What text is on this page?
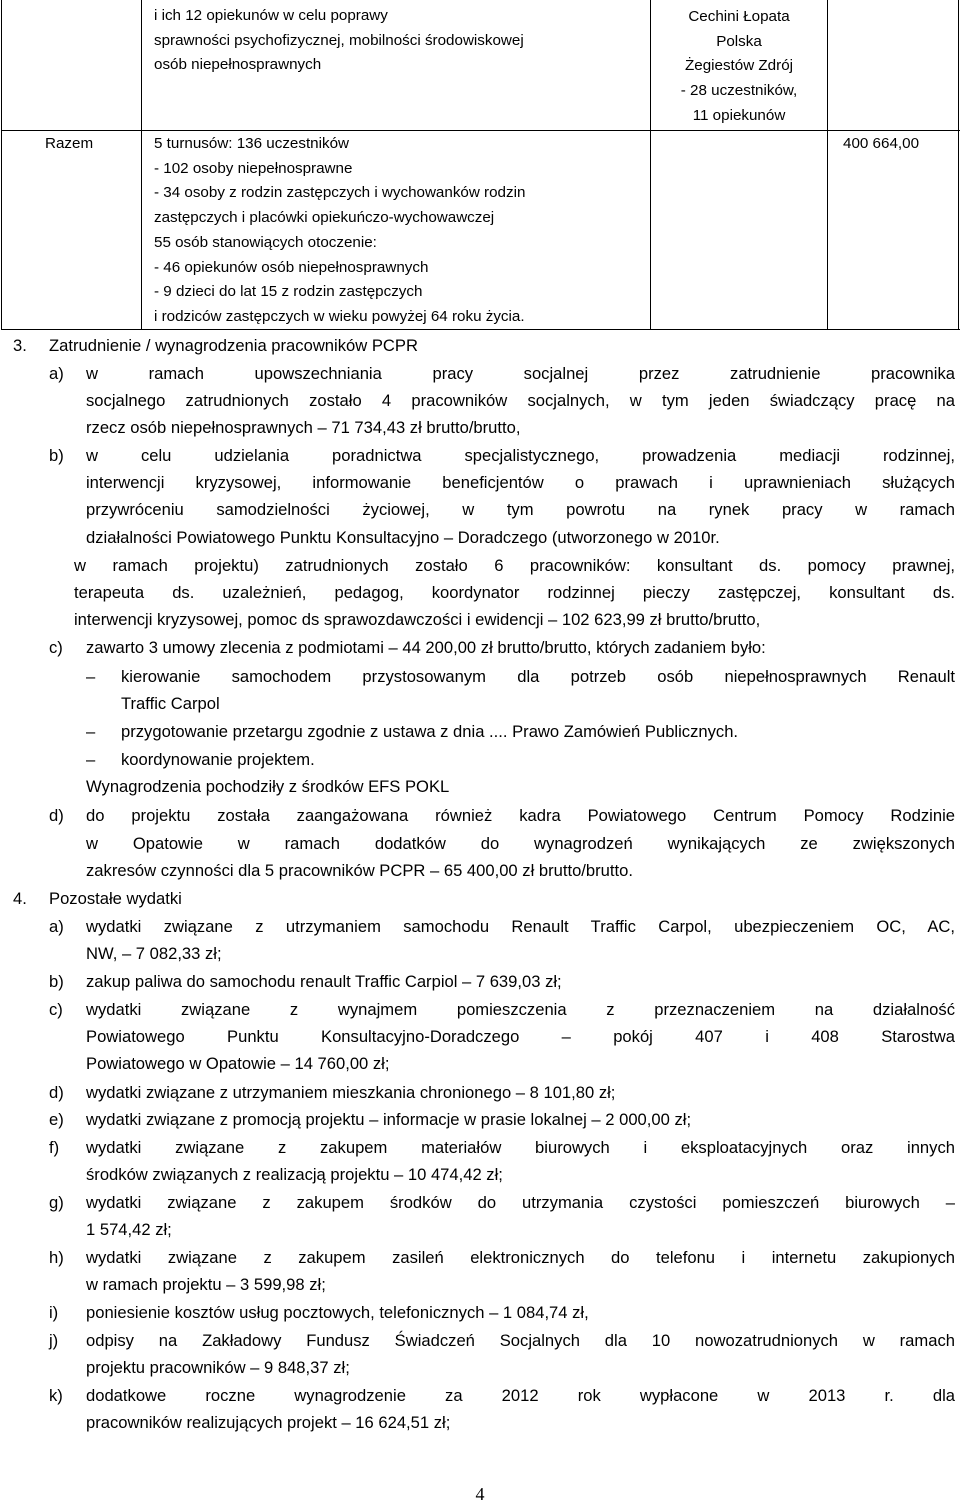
i ich 12 opiekunów w celu poprawy
sprawności psychofizycznej, mobilności środowiskowej
osób niepełnosprawnych
Cechini Łopata
Polska
Żegiestów Zdrój
- 28 uczestników,
11 opiekunów
Razem	5 turnusów: 136 uczestników
- 102 osoby niepełnosprawne
- 34 osoby z rodzin zastępczych i wychowanków rodzin
zastępczych i placówki opiekuńczo-wychowawczej
55 osób stanowiących otoczenie:
- 46 opiekunów osób niepełnosprawnych
- 9 dzieci do lat 15 z rodzin zastępczych
i rodziców zastępczych w wieku powyżej 64 roku życia.
400 664,00
3. Zatrudnienie / wynagrodzenia pracowników PCPR
a) w ramach upowszechniania pracy socjalnej przez zatrudnienie pracownika
socjalnego zatrudnionych zostało 4 pracowników socjalnych, w tym jeden świadczący pracę na
rzecz osób niepełnosprawnych – 71 734,43 zł brutto/brutto,
b) w celu udzielania poradnictwa specjalistycznego, prowadzenia mediacji rodzinnej,
interwencji kryzysowej, informowanie beneficjentów o prawach i uprawnieniach służących
przywróceniu samodzielności życiowej, w tym powrotu na rynek pracy w ramach
działalności Powiatowego Punktu Konsultacyjno – Doradczego (utworzonego w 2010r.
w ramach projektu) zatrudnionych zostało 6 pracowników: konsultant ds. pomocy prawnej,
terapeuta ds. uzależnień, pedagog, koordynator rodzinnej pieczy zastępczej, konsultant ds.
interwencji kryzysowej, pomoc ds sprawozdawczości i ewidencji – 102 623,99 zł brutto/brutto,
c) zawarto 3 umowy zlecenia z podmiotami – 44 200,00 zł brutto/brutto, których zadaniem było:
– kierowanie samochodem przystosowanym dla potrzeb osób niepełnosprawnych Renault
Traffic Carpol
– przygotowanie przetargu zgodnie z ustawa z dnia .... Prawo Zamówień Publicznych.
– koordynowanie projektem.
Wynagrodzenia pochodziły z środków EFS POKL
d) do projektu została zaangażowana również kadra Powiatowego Centrum Pomocy Rodzinie
w Opatowie w ramach dodatków do wynagrodzeń wynikających ze zwiększonych
zakresów czynności dla 5 pracowników PCPR – 65 400,00 zł brutto/brutto.
4. Pozostałe wydatki
a) wydatki związane z utrzymaniem samochodu Renault Traffic Carpol, ubezpieczeniem OC, AC,
NW, – 7 082,33 zł;
b) zakup paliwa do samochodu renault Traffic Carpiol – 7 639,03 zł;
c) wydatki związane z wynajmem pomieszczenia z przeznaczeniem na działalność
Powiatowego Punktu Konsultacyjno-Doradczego – pokój 407 i 408 Starostwa
Powiatowego w Opatowie – 14 760,00 zł;
d) wydatki związane z utrzymaniem mieszkania chronionego – 8 101,80 zł;
e) wydatki związane z promocją projektu – informacje w prasie lokalnej – 2 000,00 zł;
f) wydatki związane z zakupem materiałów biurowych i eksploatacyjnych oraz innych
środków związanych z realizacją projektu – 10 474,42 zł;
g) wydatki związane z zakupem środków do utrzymania czystości pomieszczeń biurowych –
1 574,42 zł;
h) wydatki związane z zakupem zasileń elektronicznych do telefonu i internetu zakupionych
w ramach projektu – 3 599,98 zł;
i) poniesienie kosztów usług pocztowych, telefonicznych – 1 084,74 zł,
j) odpisy na Zakładowy Fundusz Świadczeń Socjalnych dla 10 nowozatrudnionych w ramach
projektu pracowników – 9 848,37 zł;
k) dodatkowe roczne wynagrodzenie za 2012 rok wypłacone w 2013 r. dla
pracowników realizujących projekt – 16 624,51 zł;
4
